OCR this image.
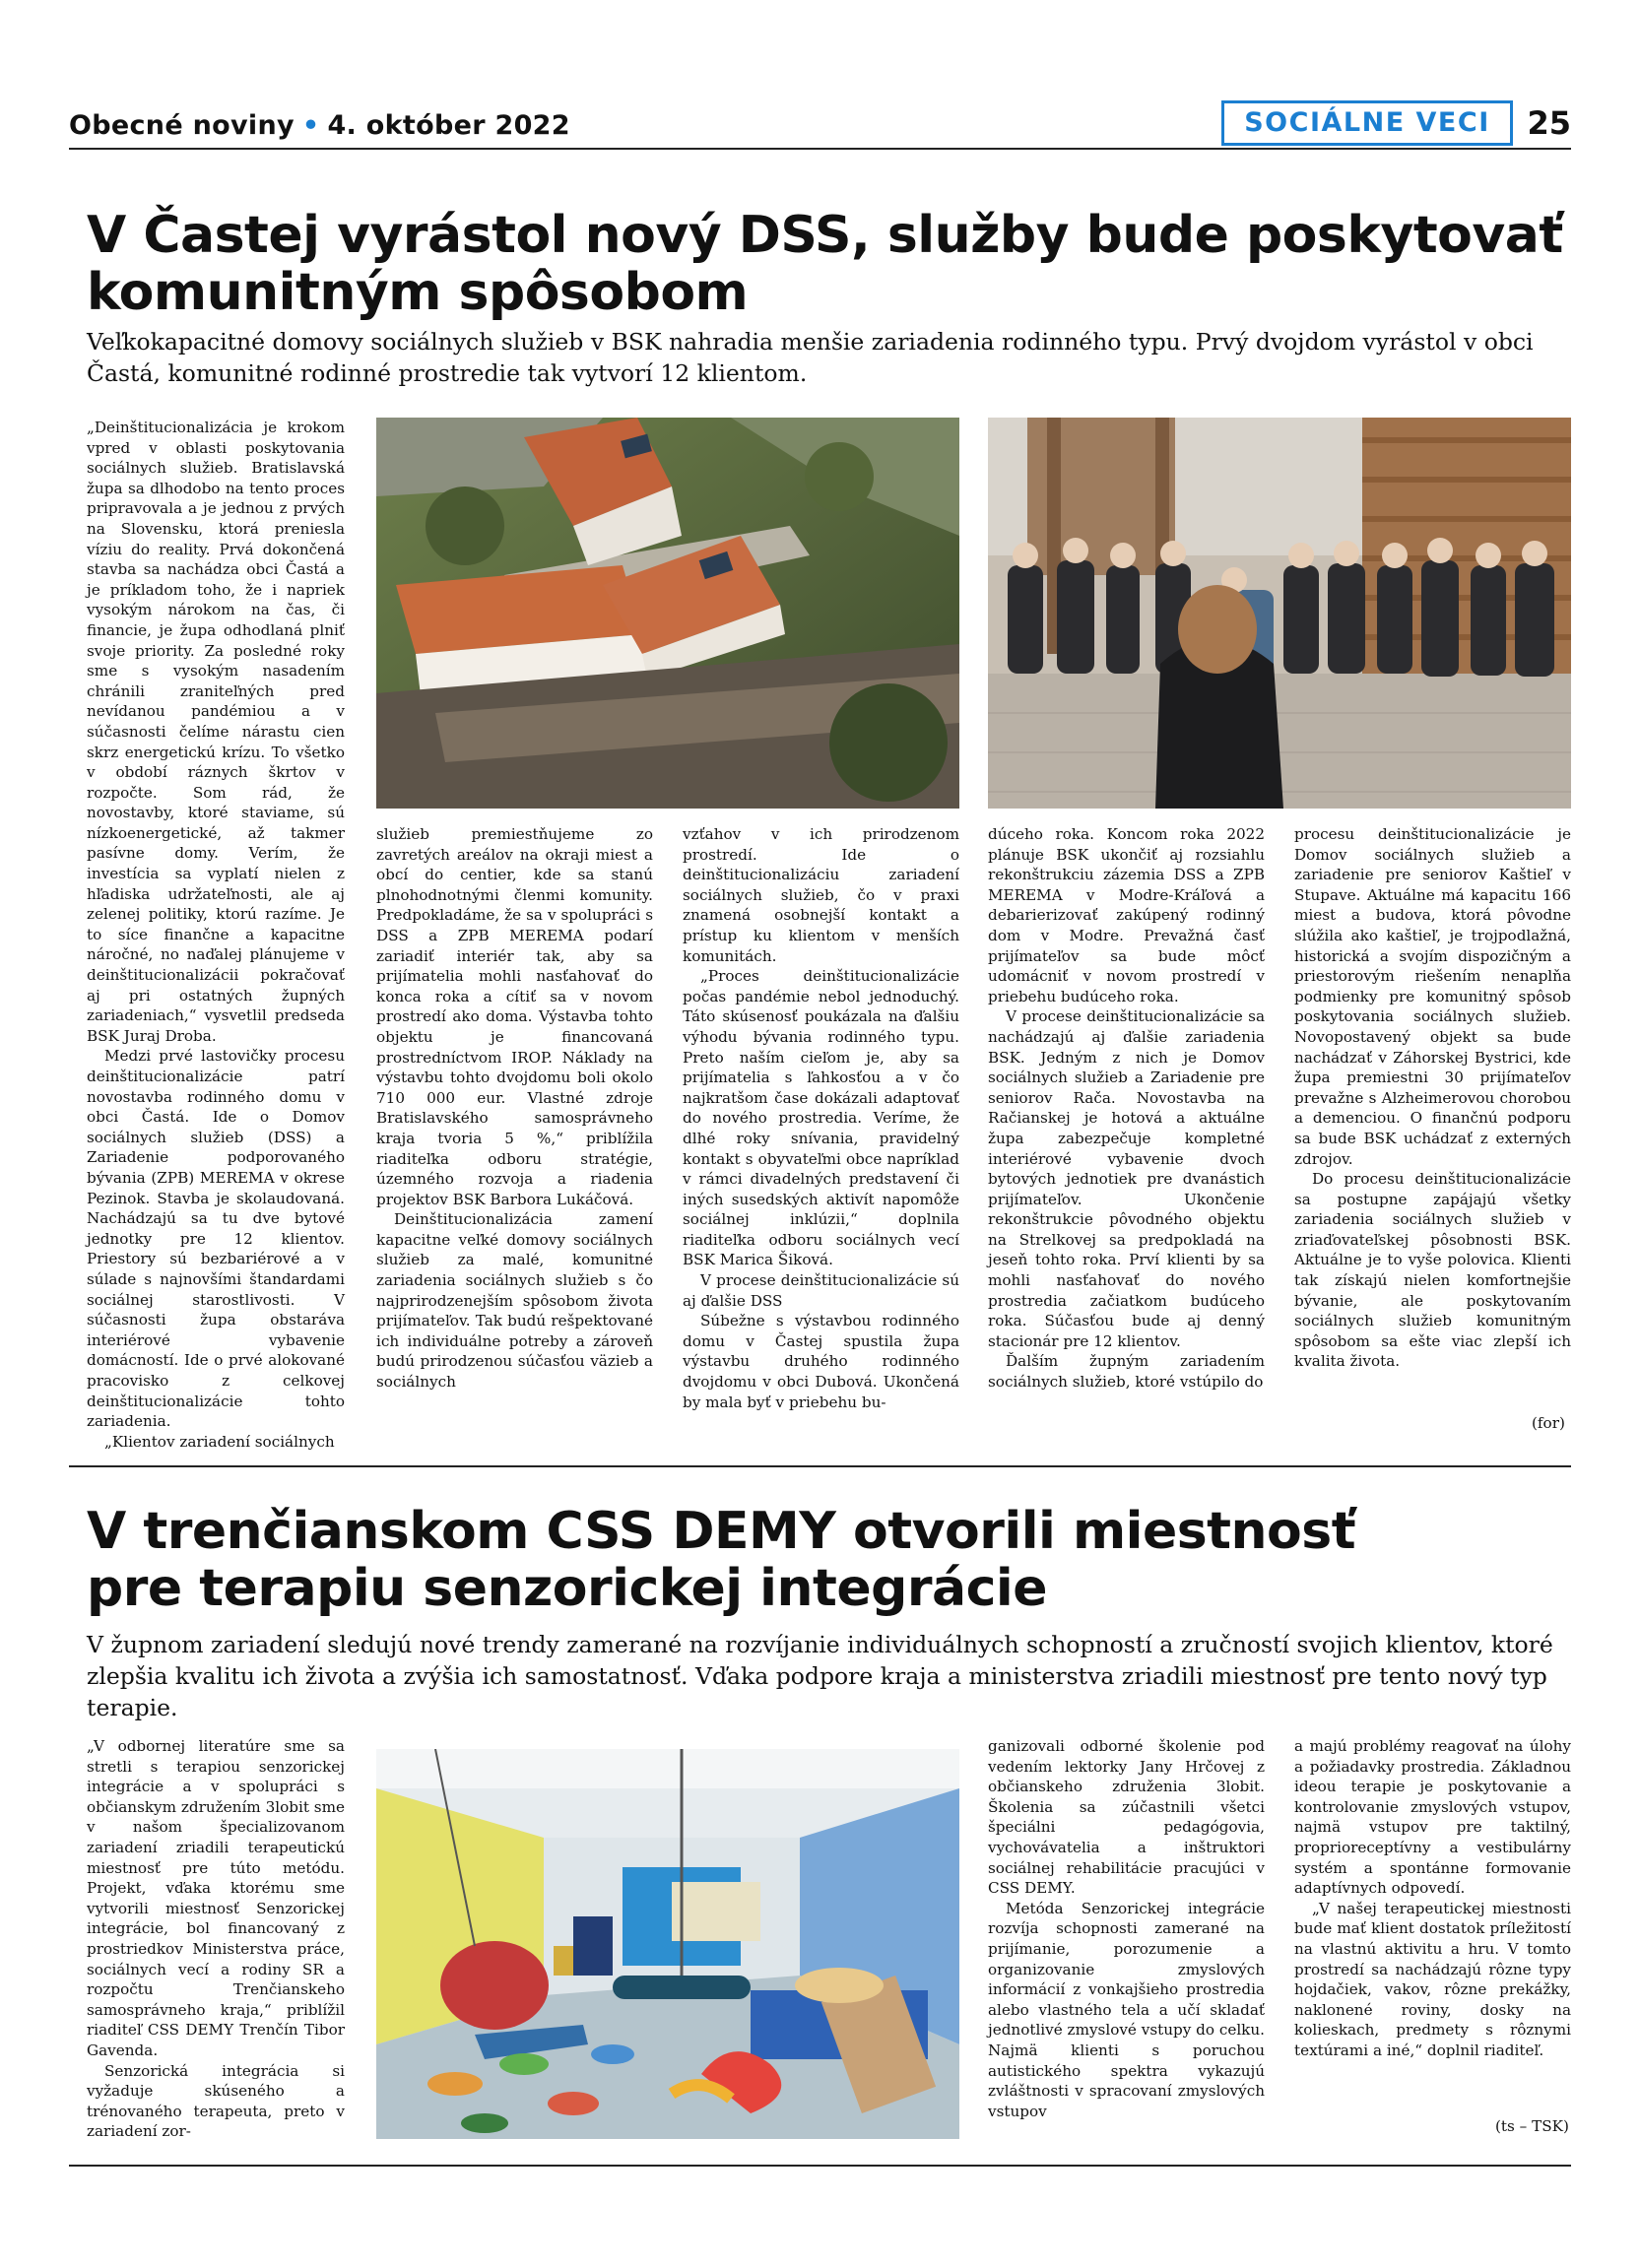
Obecné noviny • 4. október 2022	SOCIÁLNE VECI	25
V Častej vyrástol nový DSS, služby bude poskytovať
komunitným spôsobom

Veľkokapacitné domovy sociálnych služieb v BSK nahradia menšie zariadenia rodinného typu. Prvý dvojdom vyrástol v obci
Častá, komunitné rodinné prostredie tak vytvorí 12 klientom.

„Deinštitucionalizácia je krokom vpred v oblasti poskytovania sociálnych služieb. Bratislavská župa sa dlhodobo na tento proces pripravovala a je jednou z prvých na Slovensku, ktorá preniesla víziu do reality. Prvá dokončená stavba sa nachádza obci Častá a je príkladom toho, že i napriek vysokým nárokom na čas, či financie, je župa odhodlaná plniť svoje priority. Za posledné roky sme s vysokým nasadením chránili zraniteľných pred nevídanou pandémiou a v súčasnosti čelíme nárastu cien skrz energetickú krízu. To všetko v období ráznych škrtov v rozpočte. Som rád, že novostavby, ktoré staviame, sú nízkoenergetické, až takmer pasívne domy. Verím, že investícia sa vyplatí nielen z hľadiska udržateľnosti, ale aj zelenej politiky, ktorú razíme. Je to síce finančne a kapacitne náročné, no naďalej plánujeme v deinštitucionalizácii pokračovať aj pri ostatných župných zariadeniach,“ vysvetlil predseda BSK Juraj Droba.

Medzi prvé lastovičky procesu deinštitucionalizácie patrí novostavba rodinného domu v obci Častá. Ide o Domov sociálnych služieb (DSS) a Zariadenie podporovaného bývania (ZPB) MEREMA v okrese Pezinok. Stavba je skolaudovaná. Nachádzajú sa tu dve bytové jednotky pre 12 klientov. Priestory sú bezbariérové a v súlade s najnovšími štandardami sociálnej starostlivosti. V súčasnosti župa obstaráva interiérové vybavenie domácností. Ide o prvé alokované pracovisko z celkovej deinštitucionalizácie tohto zariadenia.

„Klientov zariadení sociálnych

služieb premiestňujeme zo zavretých areálov na okraji miest a obcí do centier, kde sa stanú plnohodnotnými členmi komunity. Predpokladáme, že sa v spolupráci s DSS a ZPB MEREMA podarí zariadiť interiér tak, aby sa prijímatelia mohli nasťahovať do konca roka a cítiť sa v novom prostredí ako doma. Výstavba tohto objektu je financovaná prostredníctvom IROP. Náklady na výstavbu tohto dvojdomu boli okolo 710 000 eur. Vlastné zdroje Bratislavského samosprávneho kraja tvoria 5 %,“ priblížila riaditeľka odboru stratégie, územného rozvoja a riadenia projektov BSK Barbora Lukáčová.

Deinštitucionalizácia zamení kapacitne veľké domovy sociálnych služieb za malé, komunitné zariadenia sociálnych služieb s čo najprirodzenejším spôsobom života prijímateľov. Tak budú rešpektované ich individuálne potreby a zároveň budú prirodzenou súčasťou väzieb a sociálnych

vzťahov v ich prirodzenom prostredí. Ide o deinštitucionalizáciu zariadení sociálnych služieb, čo v praxi znamená osobnejší kontakt a prístup ku klientom v menších komunitách.

„Proces deinštitucionalizácie počas pandémie nebol jednoduchý. Táto skúsenosť poukázala na ďalšiu výhodu bývania rodinného typu. Preto naším cieľom je, aby sa prijímatelia s ľahkosťou a v čo najkratšom čase dokázali adaptovať do nového prostredia. Veríme, že dlhé roky snívania, pravidelný kontakt s obyvateľmi obce napríklad v rámci divadelných predstavení či iných susedských aktivít napomôže sociálnej inklúzii,“ doplnila riaditeľka odboru sociálnych vecí BSK Marica Šiková.

V procese deinštitucionalizácie sú aj ďalšie DSS

Súbežne s výstavbou rodinného domu v Častej spustila župa výstavbu druhého rodinného dvojdomu v obci Dubová. Ukončená by mala byť v priebehu bu-

dúceho roka. Koncom roka 2022 plánuje BSK ukončiť aj rozsiahlu rekonštrukciu zázemia DSS a ZPB MEREMA v Modre-Kráľová a debarierizovať zakúpený rodinný dom v Modre. Prevažná časť prijímateľov sa bude môcť udomácniť v novom prostredí v priebehu budúceho roka.

V procese deinštitucionalizácie sa nachádzajú aj ďalšie zariadenia BSK. Jedným z nich je Domov sociálnych služieb a Zariadenie pre seniorov Rača. Novostavba na Račianskej je hotová a aktuálne župa zabezpečuje kompletné interiérové vybavenie dvoch bytových jednotiek pre dvanástich prijímateľov. Ukončenie rekonštrukcie pôvodného objektu na Strelkovej sa predpokladá na jeseň tohto roka. Prví klienti by sa mohli nasťahovať do nového prostredia začiatkom budúceho roka. Súčasťou bude aj denný stacionár pre 12 klientov.

Ďalším župným zariadením sociálnych služieb, ktoré vstúpilo do

procesu deinštitucionalizácie je Domov sociálnych služieb a zariadenie pre seniorov Kaštieľ v Stupave. Aktuálne má kapacitu 166 miest a budova, ktorá pôvodne slúžila ako kaštieľ, je trojpodlažná, historická a svojím dispozičným a priestorovým riešením nenaplňa podmienky pre komunitný spôsob poskytovania sociálnych služieb. Novopostavený objekt sa bude nachádzať v Záhorskej Bystrici, kde župa premiestni 30 prijímateľov prevažne s Alzheimerovou chorobou a demenciou. O finančnú podporu sa bude BSK uchádzať z externých zdrojov.

Do procesu deinštitucionalizácie sa postupne zapájajú všetky zariadenia sociálnych služieb v zriaďovateľskej pôsobnosti BSK. Aktuálne je to vyše polovica. Klienti tak získajú nielen komfortnejšie bývanie, ale poskytovaním sociálnych služieb komunitným spôsobom sa ešte viac zlepší ich kvalita života.

(for)
V trenčianskom CSS DEMY otvorili miestnosť
pre terapiu senzorickej integrácie

V župnom zariadení sledujú nové trendy zamerané na rozvíjanie individuálnych schopností a zručností svojich klientov, ktoré
zlepšia kvalitu ich života a zvýšia ich samostatnosť. Vďaka podpore kraja a ministerstva zriadili miestnosť pre tento nový typ
terapie.

„V odbornej literatúre sme sa stretli s terapiou senzorickej integrácie a v spolupráci s občianskym združením 3lobit sme v našom špecializovanom zariadení zriadili terapeutickú miestnosť pre túto metódu. Projekt, vďaka ktorému sme vytvorili miestnosť Senzorickej integrácie, bol financovaný z prostriedkov Ministerstva práce, sociálnych vecí a rodiny SR a rozpočtu Trenčianskeho samosprávneho kraja,“ priblížil riaditeľ CSS DEMY Trenčín Tibor Gavenda.

Senzorická integrácia si vyžaduje skúseného a trénovaného terapeuta, preto v zariadení zor-

ganizovali odborné školenie pod vedením lektorky Jany Hrčovej z občianskeho združenia 3lobit. Školenia sa zúčastnili všetci špeciálni pedagógovia, vychovávatelia a inštruktori sociálnej rehabilitácie pracujúci v CSS DEMY.

Metóda Senzorickej integrácie rozvíja schopnosti zamerané na prijímanie, porozumenie a organizovanie zmyslových informácií z vonkajšieho prostredia alebo vlastného tela a učí skladať jednotlivé zmyslové vstupy do celku. Najmä klienti s poruchou autistického spektra vykazujú zvláštnosti v spracovaní zmyslových vstupov

a majú problémy reagovať na úlohy a požiadavky prostredia. Základnou ideou terapie je poskytovanie a kontrolovanie zmyslových vstupov, najmä vstupov pre taktilný, proprioreceptívny a vestibulárny systém a spontánne formovanie adaptívnych odpovedí.

„V našej terapeutickej miestnosti bude mať klient dostatok príležitostí na vlastnú aktivitu a hru. V tomto prostredí sa nachádzajú rôzne typy hojdačiek, vakov, rôzne prekážky, naklonené roviny, dosky na kolieskach, predmety s rôznymi textúrami a iné,“ doplnil riaditeľ.

(ts – TSK)
